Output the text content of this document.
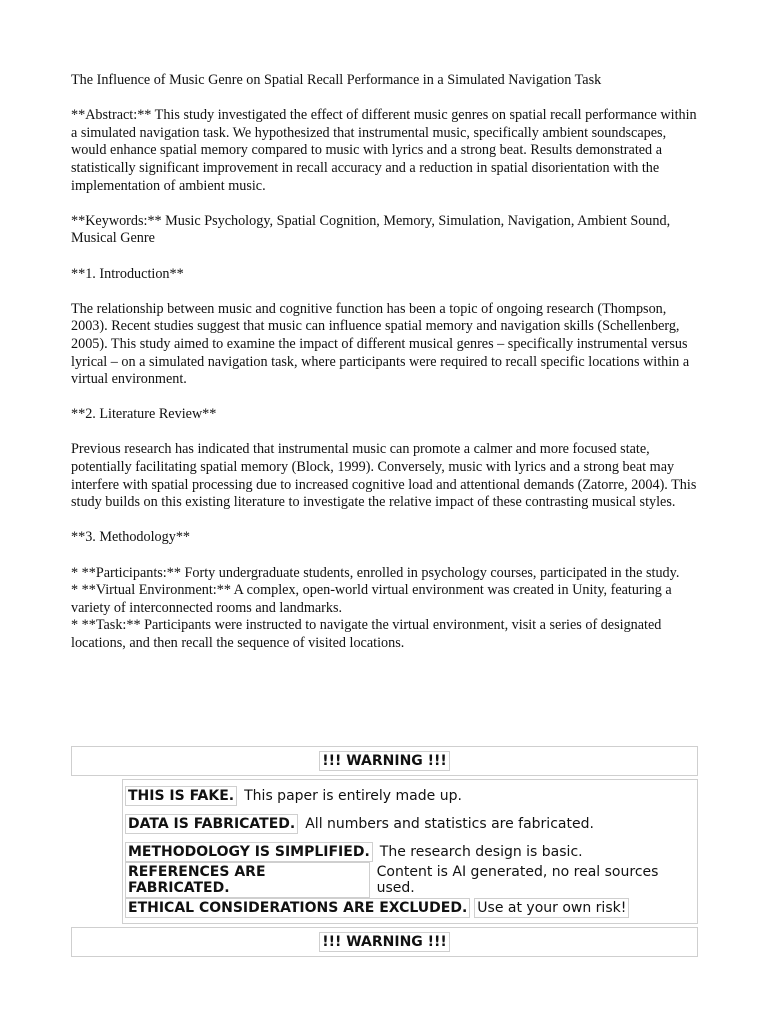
The Influence of Music Genre on Spatial Recall Performance in a Simulated Navigation Task

**Abstract:** This study investigated the effect of different music genres on spatial recall performance within a simulated navigation task. We hypothesized that instrumental music, specifically ambient soundscapes, would enhance spatial memory compared to music with lyrics and a strong beat. Results demonstrated a statistically significant improvement in recall accuracy and a reduction in spatial disorientation with the implementation of ambient music.

**Keywords:** Music Psychology, Spatial Cognition, Memory, Simulation, Navigation, Ambient Sound, Musical Genre

**1. Introduction**

The relationship between music and cognitive function has been a topic of ongoing research (Thompson, 2003). Recent studies suggest that music can influence spatial memory and navigation skills (Schellenberg, 2005). This study aimed to examine the impact of different musical genres – specifically instrumental versus lyrical – on a simulated navigation task, where participants were required to recall specific locations within a virtual environment.

**2. Literature Review**

Previous research has indicated that instrumental music can promote a calmer and more focused state, potentially facilitating spatial memory (Block, 1999). Conversely, music with lyrics and a strong beat may interfere with spatial processing due to increased cognitive load and attentional demands (Zatorre, 2004). This study builds on this existing literature to investigate the relative impact of these contrasting musical styles.

**3. Methodology**

* **Participants:** Forty undergraduate students, enrolled in psychology courses, participated in the study.

* **Virtual Environment:** A complex, open-world virtual environment was created in Unity, featuring a variety of interconnected rooms and landmarks.

* **Task:** Participants were instructed to navigate the virtual environment, visit a series of designated locations, and then recall the sequence of visited locations.

!!! WARNING !!!
THIS IS FAKE. This paper is entirely made up.
DATA IS FABRICATED. All numbers and statistics are fabricated.
METHODOLOGY IS SIMPLIFIED. The research design is basic.
REFERENCES ARE FABRICATED.
Content is AI generated, no real sources used.
ETHICAL CONSIDERATIONS ARE EXCLUDED. Use at your own risk!
!!! WARNING !!!
